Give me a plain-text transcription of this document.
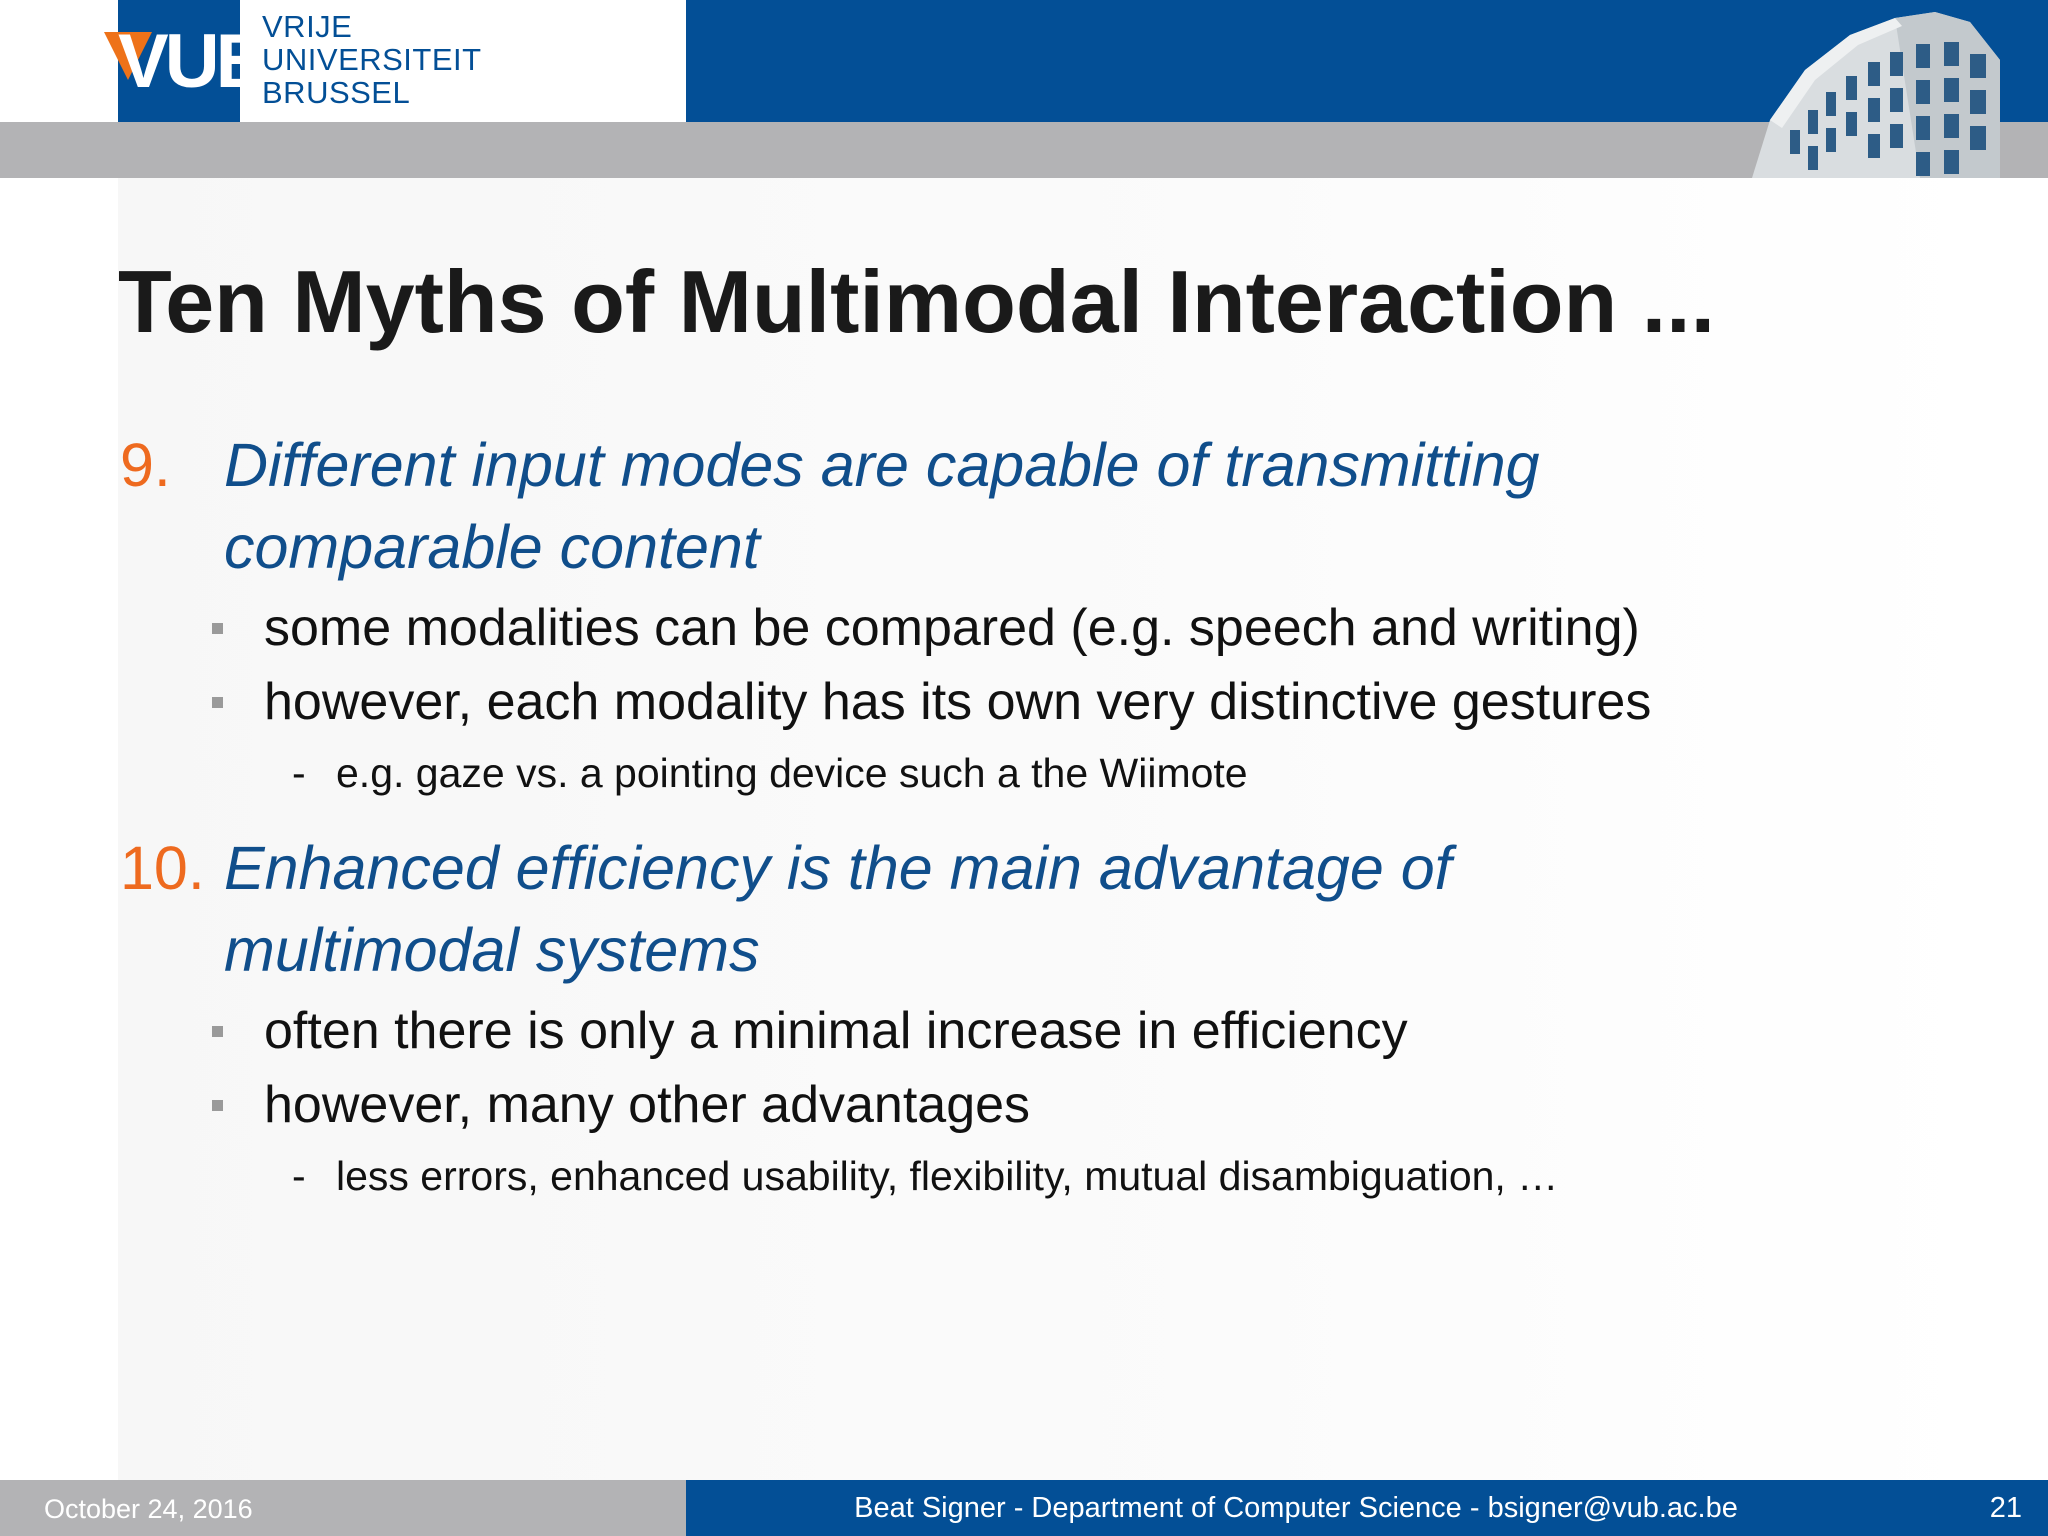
VUB
VRIJE
UNIVERSITEIT
BRUSSEL
Ten Myths of Multimodal Interaction ...
9. Different input modes are capable of transmitting
comparable content
some modalities can be compared (e.g. speech and writing)
however, each modality has its own very distinctive gestures
- e.g. gaze vs. a pointing device such a the Wiimote
10. Enhanced efficiency is the main advantage of
multimodal systems
often there is only a minimal increase in efficiency
however, many other advantages
- less errors, enhanced usability, flexibility, mutual disambiguation, …
October 24, 2016	Beat Signer - Department of Computer Science - bsigner@vub.ac.be	21
